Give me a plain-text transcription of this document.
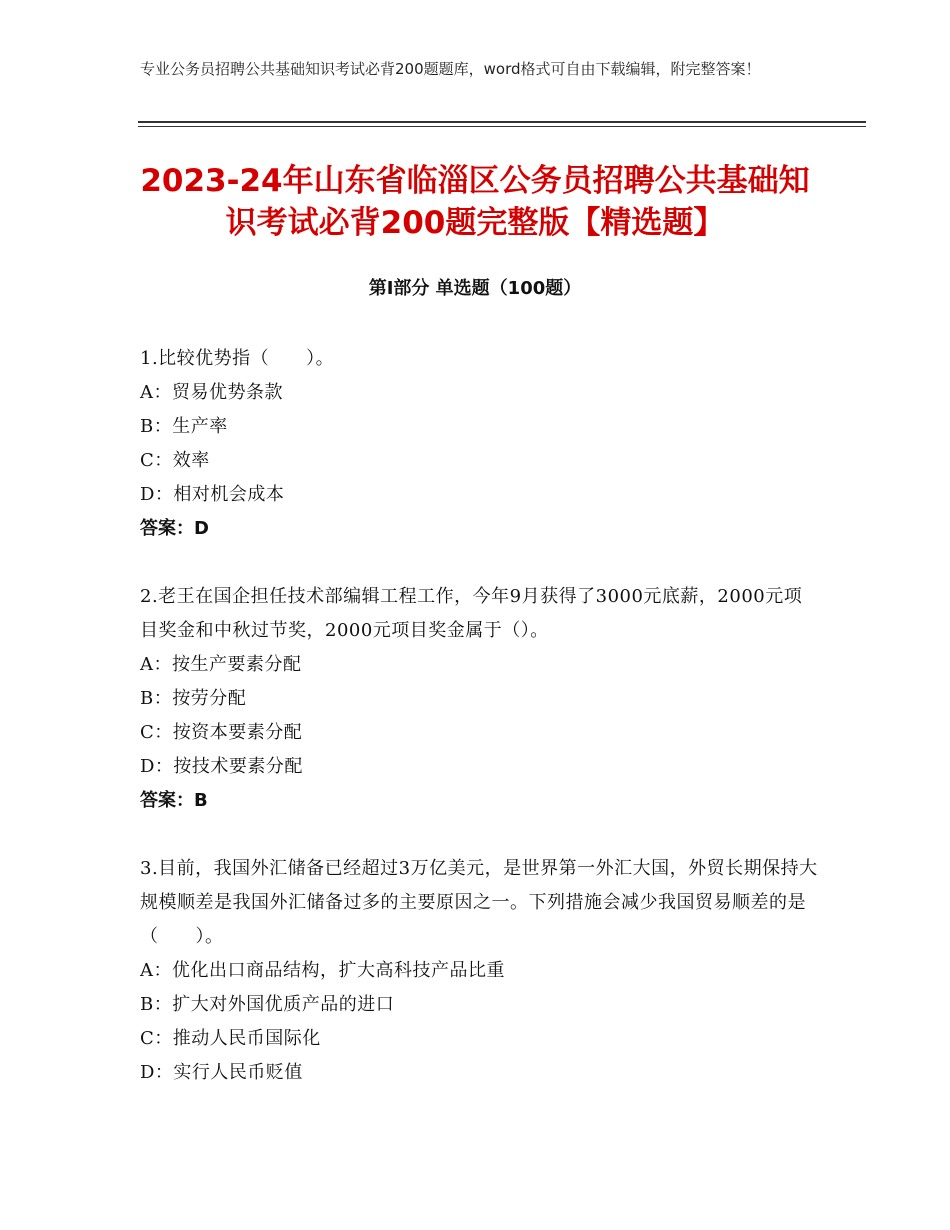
专业公务员招聘公共基础知识考试必背200题题库，word格式可自由下载编辑，附完整答案！
2023-24年山东省临淄区公务员招聘公共基础知识考试必背200题完整版【精选题】
第Ⅰ部分 单选题（100题）
1.比较优势指（　　）。
A：贸易优势条款
B：生产率
C：效率
D：相对机会成本
答案：D
2.老王在国企担任技术部编辑工程工作，今年9月获得了3000元底薪，2000元项目奖金和中秋过节奖，2000元项目奖金属于（）。
A：按生产要素分配
B：按劳分配
C：按资本要素分配
D：按技术要素分配
答案：B
3.目前，我国外汇储备已经超过3万亿美元，是世界第一外汇大国，外贸长期保持大规模顺差是我国外汇储备过多的主要原因之一。下列措施会减少我国贸易顺差的是（　　）。
A：优化出口商品结构，扩大高科技产品比重
B：扩大对外国优质产品的进口
C：推动人民币国际化
D：实行人民币贬值
